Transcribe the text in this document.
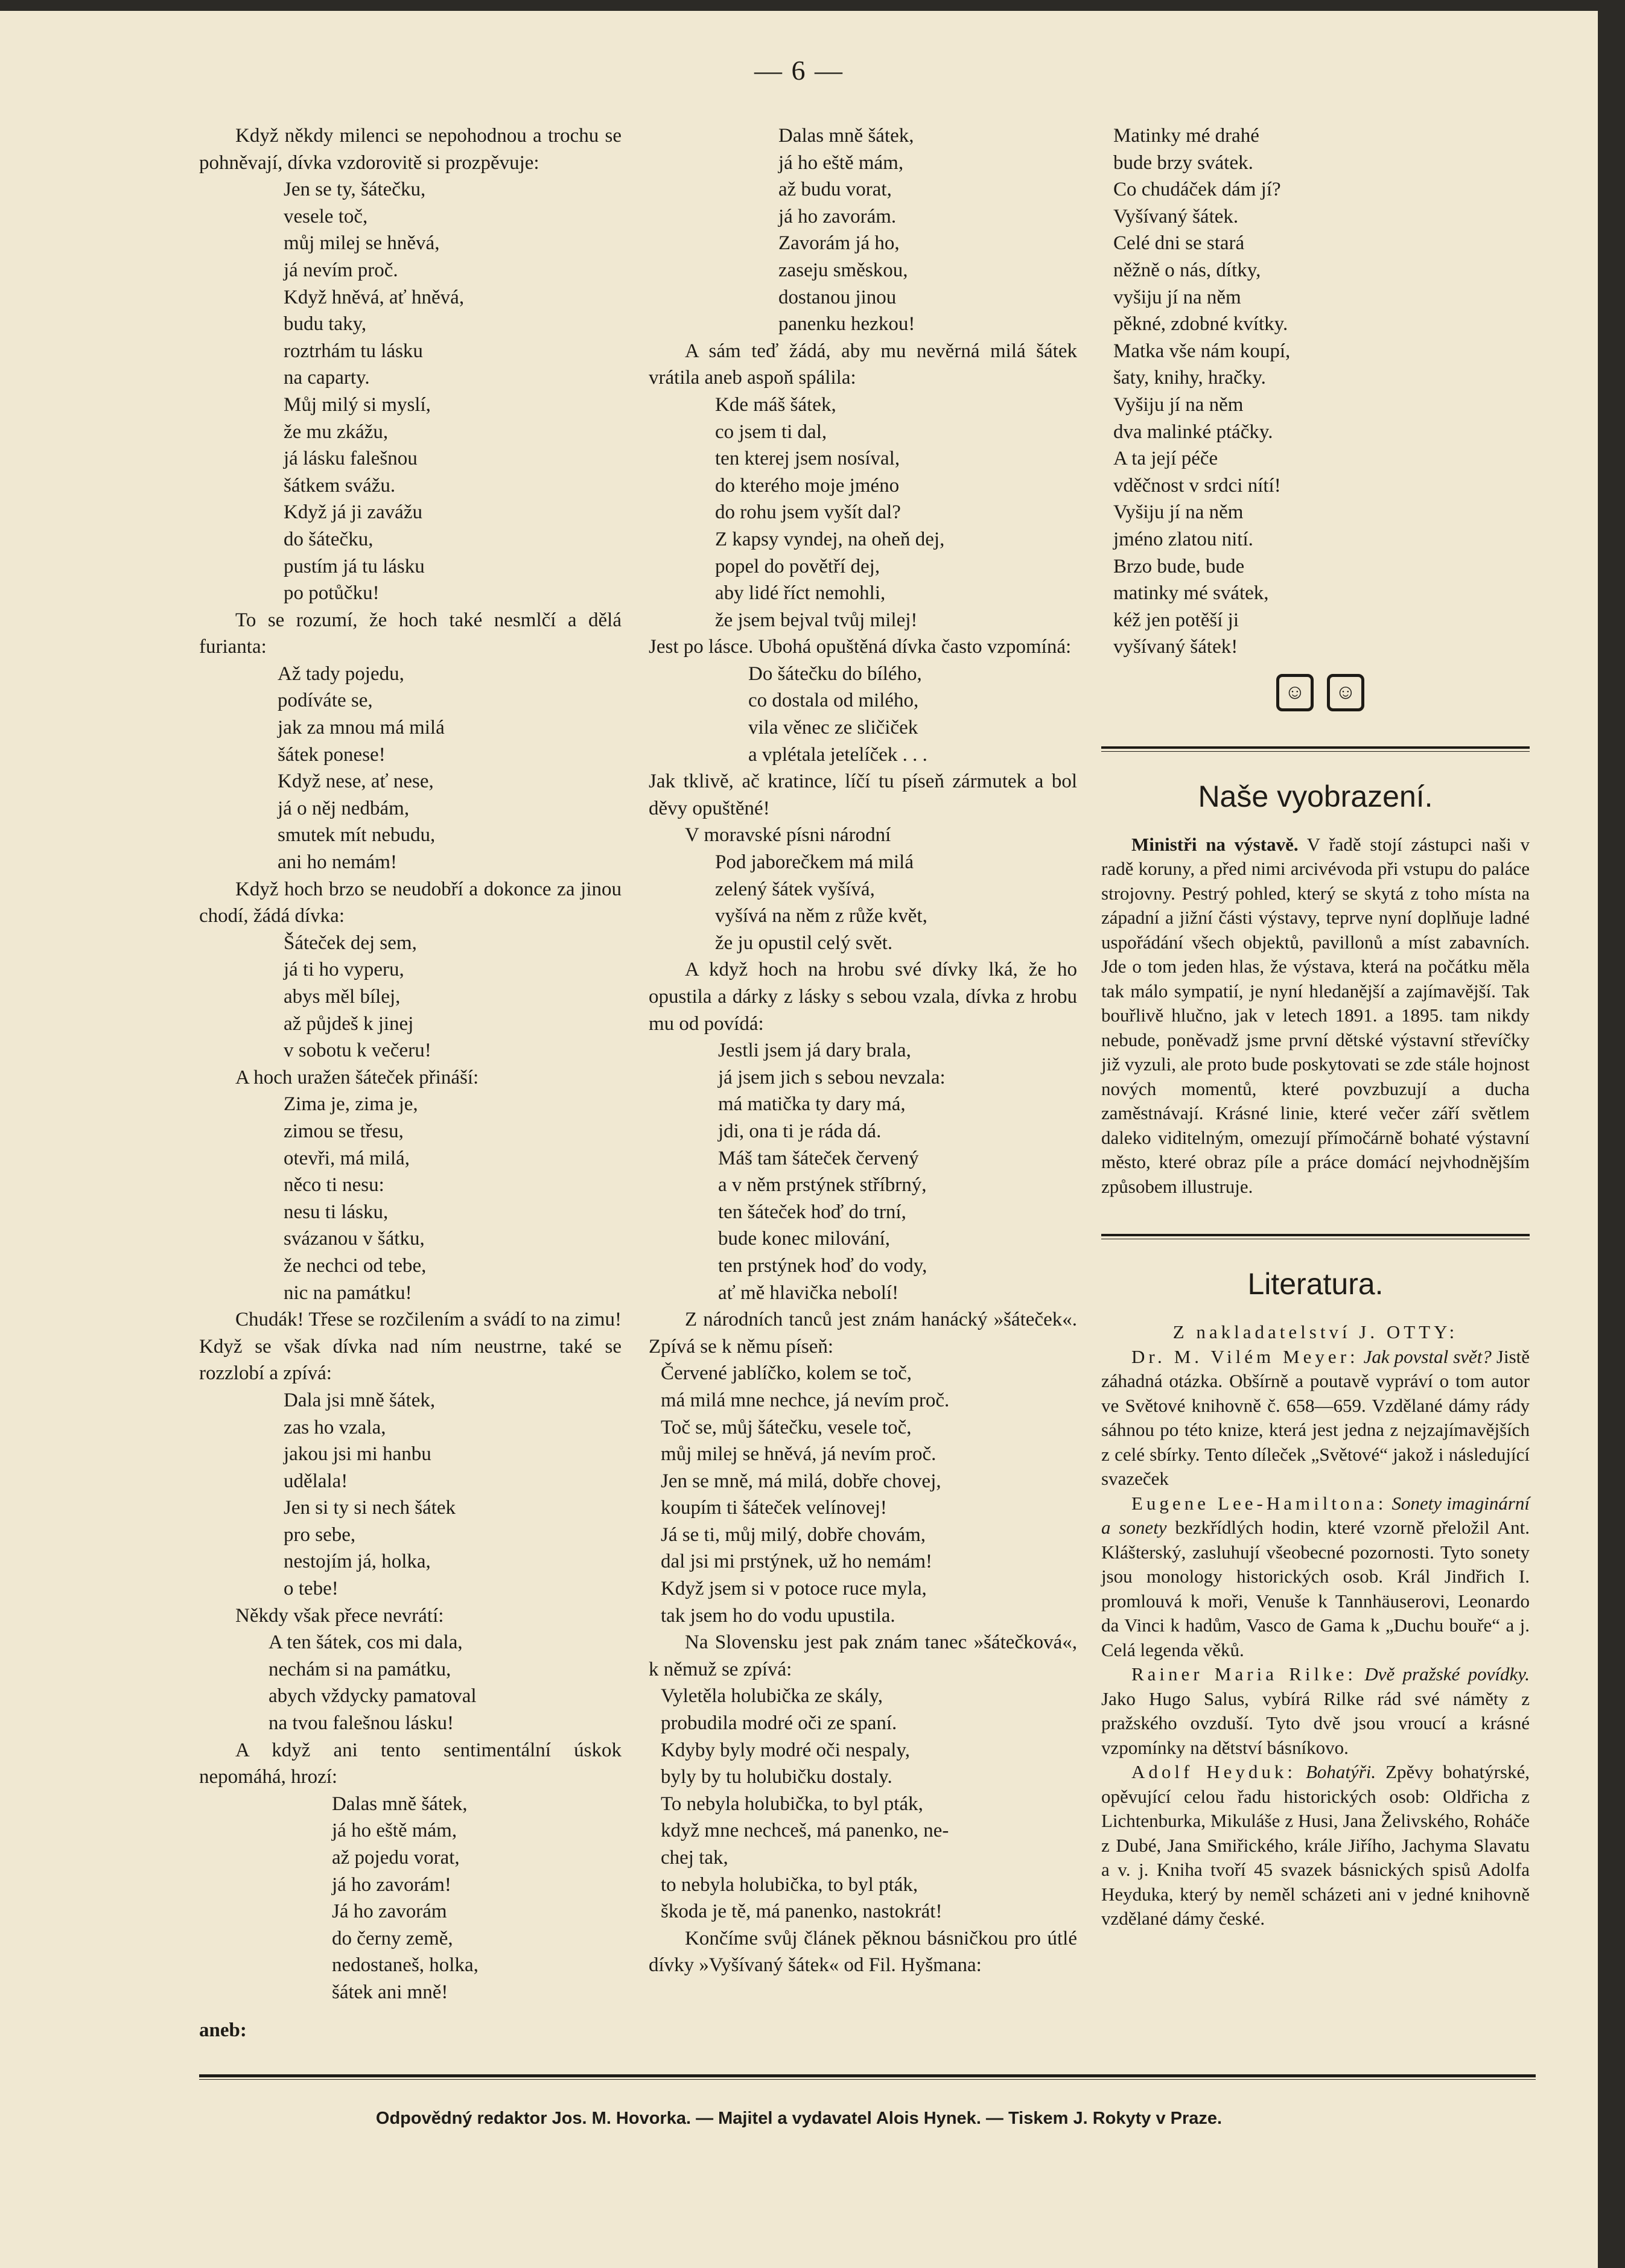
— 6 —

Když někdy milenci se nepohodnou a trochu se pohněvají, dívka vzdorovitě si prozpěvuje:

Jen se ty, šátečku,
vesele toč,
můj milej se hněvá,
já nevím proč.
Když hněvá, ať hněvá,
budu taky,
roztrhám tu lásku
na caparty.
Můj milý si myslí,
že mu zkážu,
já lásku falešnou
šátkem svážu.
Když já ji zavážu
do šátečku,
pustím já tu lásku
po potůčku!

To se rozumí, že hoch také nesmlčí a dělá furianta:

Až tady pojedu,
podíváte se,
jak za mnou má milá
šátek ponese!
Když nese, ať nese,
já o něj nedbám,
smutek mít nebudu,
ani ho nemám!

Když hoch brzo se neudobří a dokonce za jinou chodí, žádá dívka:

Šáteček dej sem,
já ti ho vyperu,
abys měl bílej,
až půjdeš k jinej
v sobotu k večeru!

A hoch uražen šáteček přináší:

Zima je, zima je,
zimou se třesu,
otevři, má milá,
něco ti nesu:
nesu ti lásku,
svázanou v šátku,
že nechci od tebe,
nic na památku!

Chudák! Třese se rozčilením a svádí to na zimu! Když se však dívka nad ním neustrne, také se rozzlobí a zpívá:

Dala jsi mně šátek,
zas ho vzala,
jakou jsi mi hanbu
udělala!
Jen si ty si nech šátek
pro sebe,
nestojím já, holka,
o tebe!

Někdy však přece nevrátí:

A ten šátek, cos mi dala,
nechám si na památku,
abych vždycky pamatoval
na tvou falešnou lásku!

A když ani tento sentimentální úskok nepomáhá, hrozí:

Dalas mně šátek,
já ho eště mám,
až pojedu vorat,
já ho zavorám!
Já ho zavorám
do černy země,
nedostaneš, holka,
šátek ani mně!

aneb:

Dalas mně šátek,
já ho eště mám,
až budu vorat,
já ho zavorám.
Zavorám já ho,
zaseju směskou,
dostanou jinou
panenku hezkou!

A sám teď žádá, aby mu nevěrná milá šátek vrátila aneb aspoň spálila:

Kde máš šátek,
co jsem ti dal,
ten kterej jsem nosíval,
do kterého moje jméno
do rohu jsem vyšít dal?
Z kapsy vyndej, na oheň dej,
popel do povětří dej,
aby lidé říct nemohli,
že jsem bejval tvůj milej!

Jest po lásce. Ubohá opuštěná dívka často vzpomíná:

Do šátečku do bílého,
co dostala od milého,
vila věnec ze sličiček
a vplétala jetelíček . . .

Jak tklivě, ač kratince, líčí tu píseň zármutek a bol děvy opuštěné!

V moravské písni národní

Pod jaborečkem má milá
zelený šátek vyšívá,
vyšívá na něm z růže květ,
že ju opustil celý svět.

A když hoch na hrobu své dívky lká, že ho opustila a dárky z lásky s sebou vzala, dívka z hrobu mu od povídá:

Jestli jsem já dary brala,
já jsem jich s sebou nevzala:
má matička ty dary má,
jdi, ona ti je ráda dá.
Máš tam šáteček červený
a v něm prstýnek stříbrný,
ten šáteček hoď do trní,
bude konec milování,
ten prstýnek hoď do vody,
ať mě hlavička nebolí!

Z národních tanců jest znám hanácký »šáteček«. Zpívá se k němu píseň:

Červené jablíčko, kolem se toč,
má milá mne nechce, já nevím proč.
Toč se, můj šátečku, vesele toč,
můj milej se hněvá, já nevím proč.
Jen se mně, má milá, dobře chovej,
koupím ti šáteček velínovej!
Já se ti, můj milý, dobře chovám,
dal jsi mi prstýnek, už ho nemám!
Když jsem si v potoce ruce myla,
tak jsem ho do vodu upustila.

Na Slovensku jest pak znám tanec »šátečková«, k němuž se zpívá:

Vyletěla holubička ze skály,
probudila modré oči ze spaní.
Kdyby byly modré oči nespaly,
byly by tu holubičku dostaly.
To nebyla holubička, to byl pták,
když mne nechceš, má panenko, ne-
chej tak,
to nebyla holubička, to byl pták,
škoda je tě, má panenko, nastokrát!

Končíme svůj článek pěknou básničkou pro útlé dívky »Vyšívaný šátek« od Fil. Hyšmana:

Matinky mé drahé
bude brzy svátek.
Co chudáček dám jí?
Vyšívaný šátek.
Celé dni se stará
něžně o nás, dítky,
vyšiju jí na něm
pěkné, zdobné kvítky.
Matka vše nám koupí,
šaty, knihy, hračky.
Vyšiju jí na něm
dva malinké ptáčky.
A ta její péče
vděčnost v srdci nítí!
Vyšiju jí na něm
jméno zlatou nití.
Brzo bude, bude
matinky mé svátek,
kéž jen potěší ji
vyšívaný šátek!
☺	☺

Naše vyobrazení.

Ministři na výstavě. V řadě stojí zástupci naši v radě koruny, a před nimi arcivévoda při vstupu do paláce strojovny. Pestrý pohled, který se skytá z toho místa na západní a jižní části výstavy, teprve nyní doplňuje ladné uspořádání všech objektů, pavillonů a míst zabavních. Jde o tom jeden hlas, že výstava, která na počátku měla tak málo sympatií, je nyní hledanější a zajímavější. Tak bouřlivě hlučno, jak v letech 1891. a 1895. tam nikdy nebude, poněvadž jsme první dětské výstavní střevíčky již vyzuli, ale proto bude poskytovati se zde stále hojnost nových momentů, které povzbuzují a ducha zaměstnávají. Krásné linie, které večer září světlem daleko viditelným, omezují přímočárně bohaté výstavní město, které obraz píle a práce domácí nejvhodnějším způsobem illustruje.

Literatura.

Z nakladatelství J. OTTY:

Dr. M. Vilém Meyer: Jak povstal svět? Jistě záhadná otázka. Obšírně a poutavě vypráví o tom autor ve Světové knihovně č. 658—659. Vzdělané dámy rády sáhnou po této knize, která jest jedna z nejzajímavějších z celé sbírky. Tento díleček „Světové“ jakož i následující svazeček

Eugene Lee-Hamiltona: Sonety imaginární a sonety bezkřídlých hodin, které vzorně přeložil Ant. Klášterský, zasluhují všeobecné pozornosti. Tyto sonety jsou monology historických osob. Král Jindřich I. promlouvá k moři, Venuše k Tannhäuserovi, Leonardo da Vinci k hadům, Vasco de Gama k „Duchu bouře“ a j. Celá legenda věků.

Rainer Maria Rilke: Dvě pražské povídky. Jako Hugo Salus, vybírá Rilke rád své náměty z pražského ovzduší. Tyto dvě jsou vroucí a krásné vzpomínky na dětství básníkovo.

Adolf Heyduk: Bohatýři. Zpěvy bohatýrské, opěvující celou řadu historických osob: Oldřicha z Lichtenburka, Mikuláše z Husi, Jana Želivského, Roháče z Dubé, Jana Smiřického, krále Jiřího, Jachyma Slavatu a v. j. Kniha tvoří 45 svazek básnických spisů Adolfa Heyduka, který by neměl scházeti ani v jedné knihovně vzdělané dámy české.

Odpovědný redaktor Jos. M. Hovorka. — Majitel a vydavatel Alois Hynek. — Tiskem J. Rokyty v Praze.
